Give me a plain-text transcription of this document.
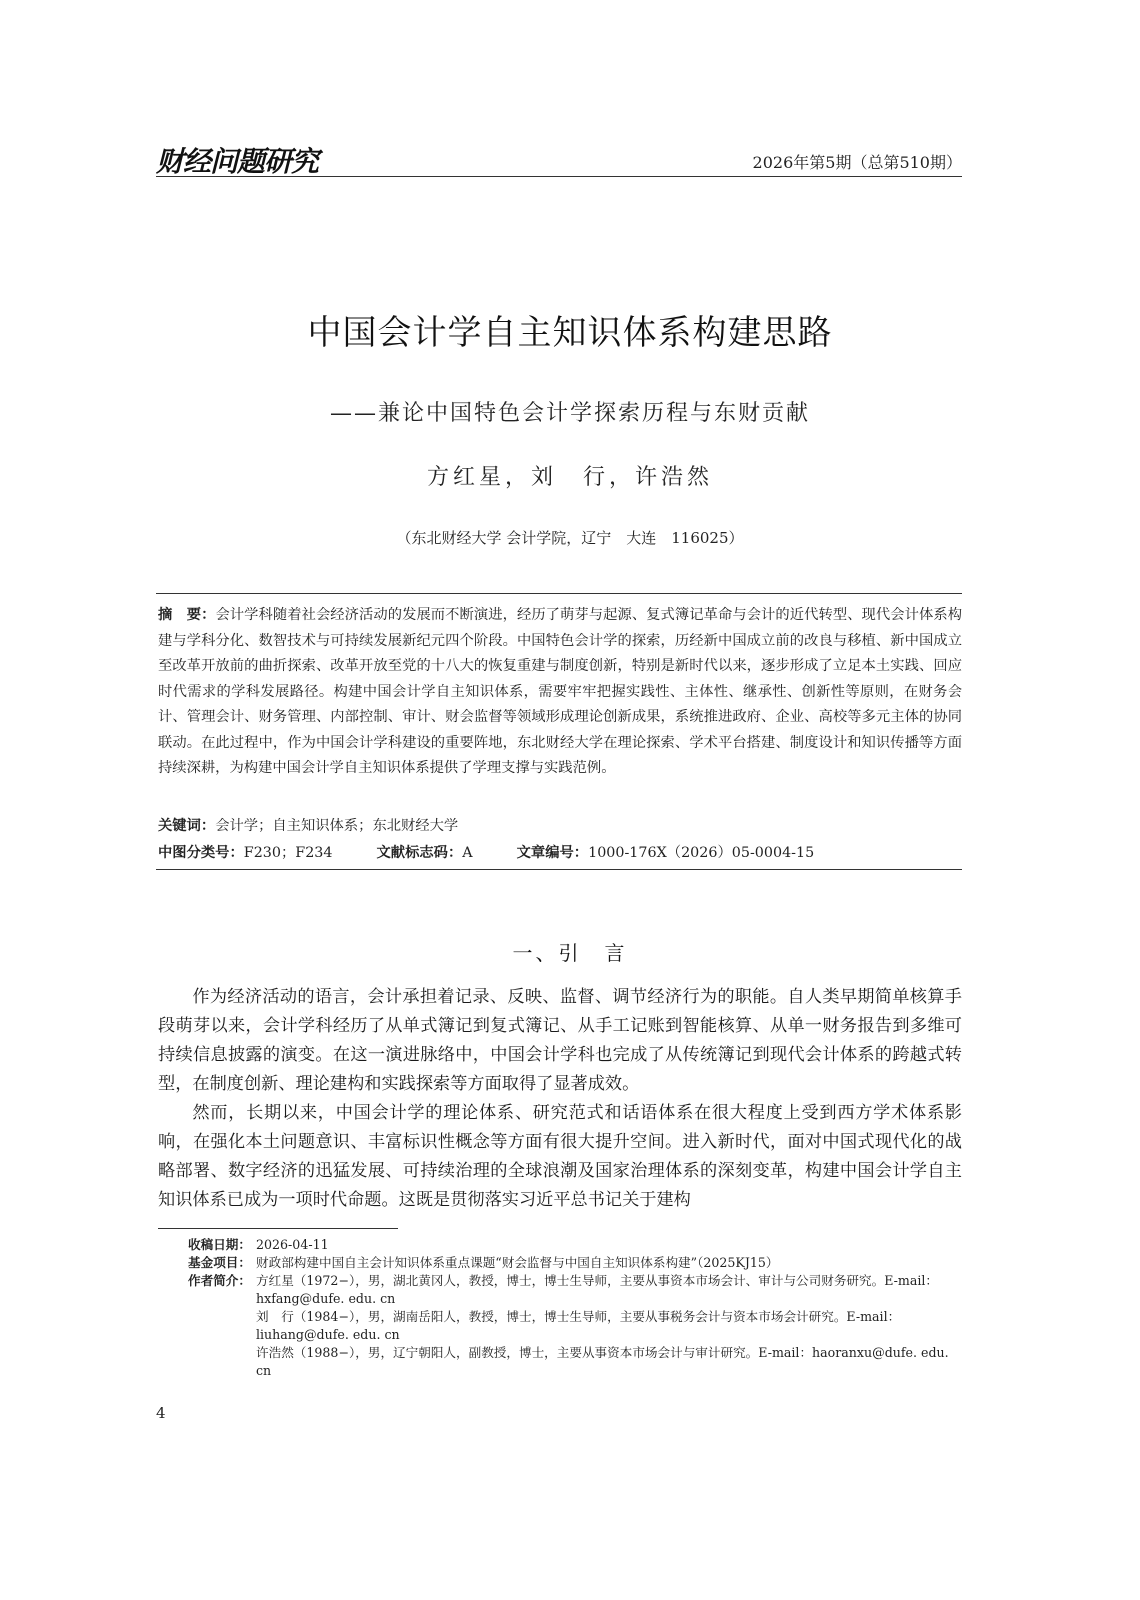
财经问题研究	2026年第5期（总第510期）
中国会计学自主知识体系构建思路
——兼论中国特色会计学探索历程与东财贡献
方红星，刘　行，许浩然
（东北财经大学 会计学院，辽宁　大连　116025）
摘　要：会计学科随着社会经济活动的发展而不断演进，经历了萌芽与起源、复式簿记革命与会计的近代转型、现代会计体系构建与学科分化、数智技术与可持续发展新纪元四个阶段。中国特色会计学的探索，历经新中国成立前的改良与移植、新中国成立至改革开放前的曲折探索、改革开放至党的十八大的恢复重建与制度创新，特别是新时代以来，逐步形成了立足本土实践、回应时代需求的学科发展路径。构建中国会计学自主知识体系，需要牢牢把握实践性、主体性、继承性、创新性等原则，在财务会计、管理会计、财务管理、内部控制、审计、财会监督等领域形成理论创新成果，系统推进政府、企业、高校等多元主体的协同联动。在此过程中，作为中国会计学科建设的重要阵地，东北财经大学在理论探索、学术平台搭建、制度设计和知识传播等方面持续深耕，为构建中国会计学自主知识体系提供了学理支撑与实践范例。
关键词：会计学；自主知识体系；东北财经大学
中图分类号：F230；F234	文献标志码：A	文章编号：1000-176X（2026）05-0004-15
一、引　言

作为经济活动的语言，会计承担着记录、反映、监督、调节经济行为的职能。自人类早期简单核算手段萌芽以来，会计学科经历了从单式簿记到复式簿记、从手工记账到智能核算、从单一财务报告到多维可持续信息披露的演变。在这一演进脉络中，中国会计学科也完成了从传统簿记到现代会计体系的跨越式转型，在制度创新、理论建构和实践探索等方面取得了显著成效。

然而，长期以来，中国会计学的理论体系、研究范式和话语体系在很大程度上受到西方学术体系影响，在强化本土问题意识、丰富标识性概念等方面有很大提升空间。进入新时代，面对中国式现代化的战略部署、数字经济的迅猛发展、可持续治理的全球浪潮及国家治理体系的深刻变革，构建中国会计学自主知识体系已成为一项时代命题。这既是贯彻落实习近平总书记关于建构

收稿日期： 2026-04-11
基金项目： 财政部构建中国自主会计知识体系重点课题“财会监督与中国自主知识体系构建”（2025KJ15）
作者简介： 方红星（1972−），男，湖北黄冈人，教授，博士，博士生导师，主要从事资本市场会计、审计与公司财务研究。E-mail：hxfang@dufe. edu. cn
刘　行（1984−），男，湖南岳阳人，教授，博士，博士生导师，主要从事税务会计与资本市场会计研究。E-mail：liuhang@dufe. edu. cn
许浩然（1988−），男，辽宁朝阳人，副教授，博士，主要从事资本市场会计与审计研究。E-mail：haoranxu@dufe. edu. cn
4
